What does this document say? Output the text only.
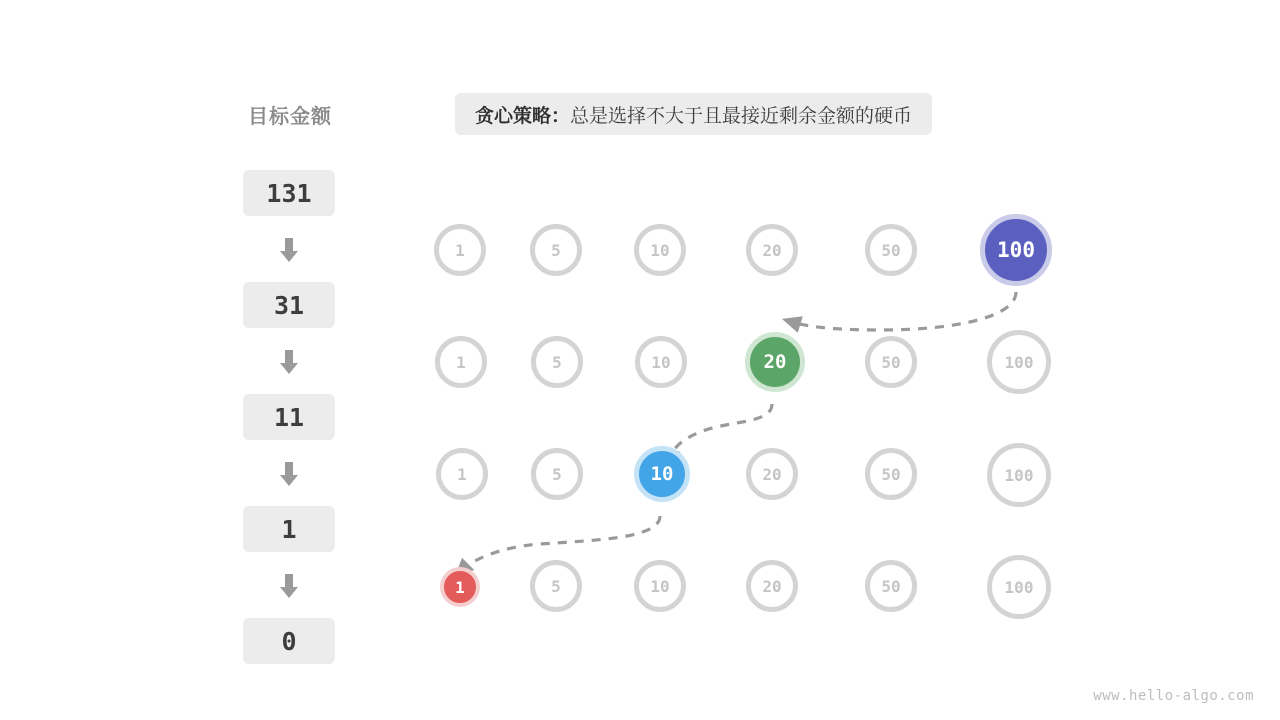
目标金额
131
31
11
1
0
贪心策略： 总是选择不大于且最接近剩余金额的硬币
1	5	10	20	50	100
1	5	10	20	50	100
1	5	10	20	50	100
1	5	10	20	50	100
www.hello-algo.com
